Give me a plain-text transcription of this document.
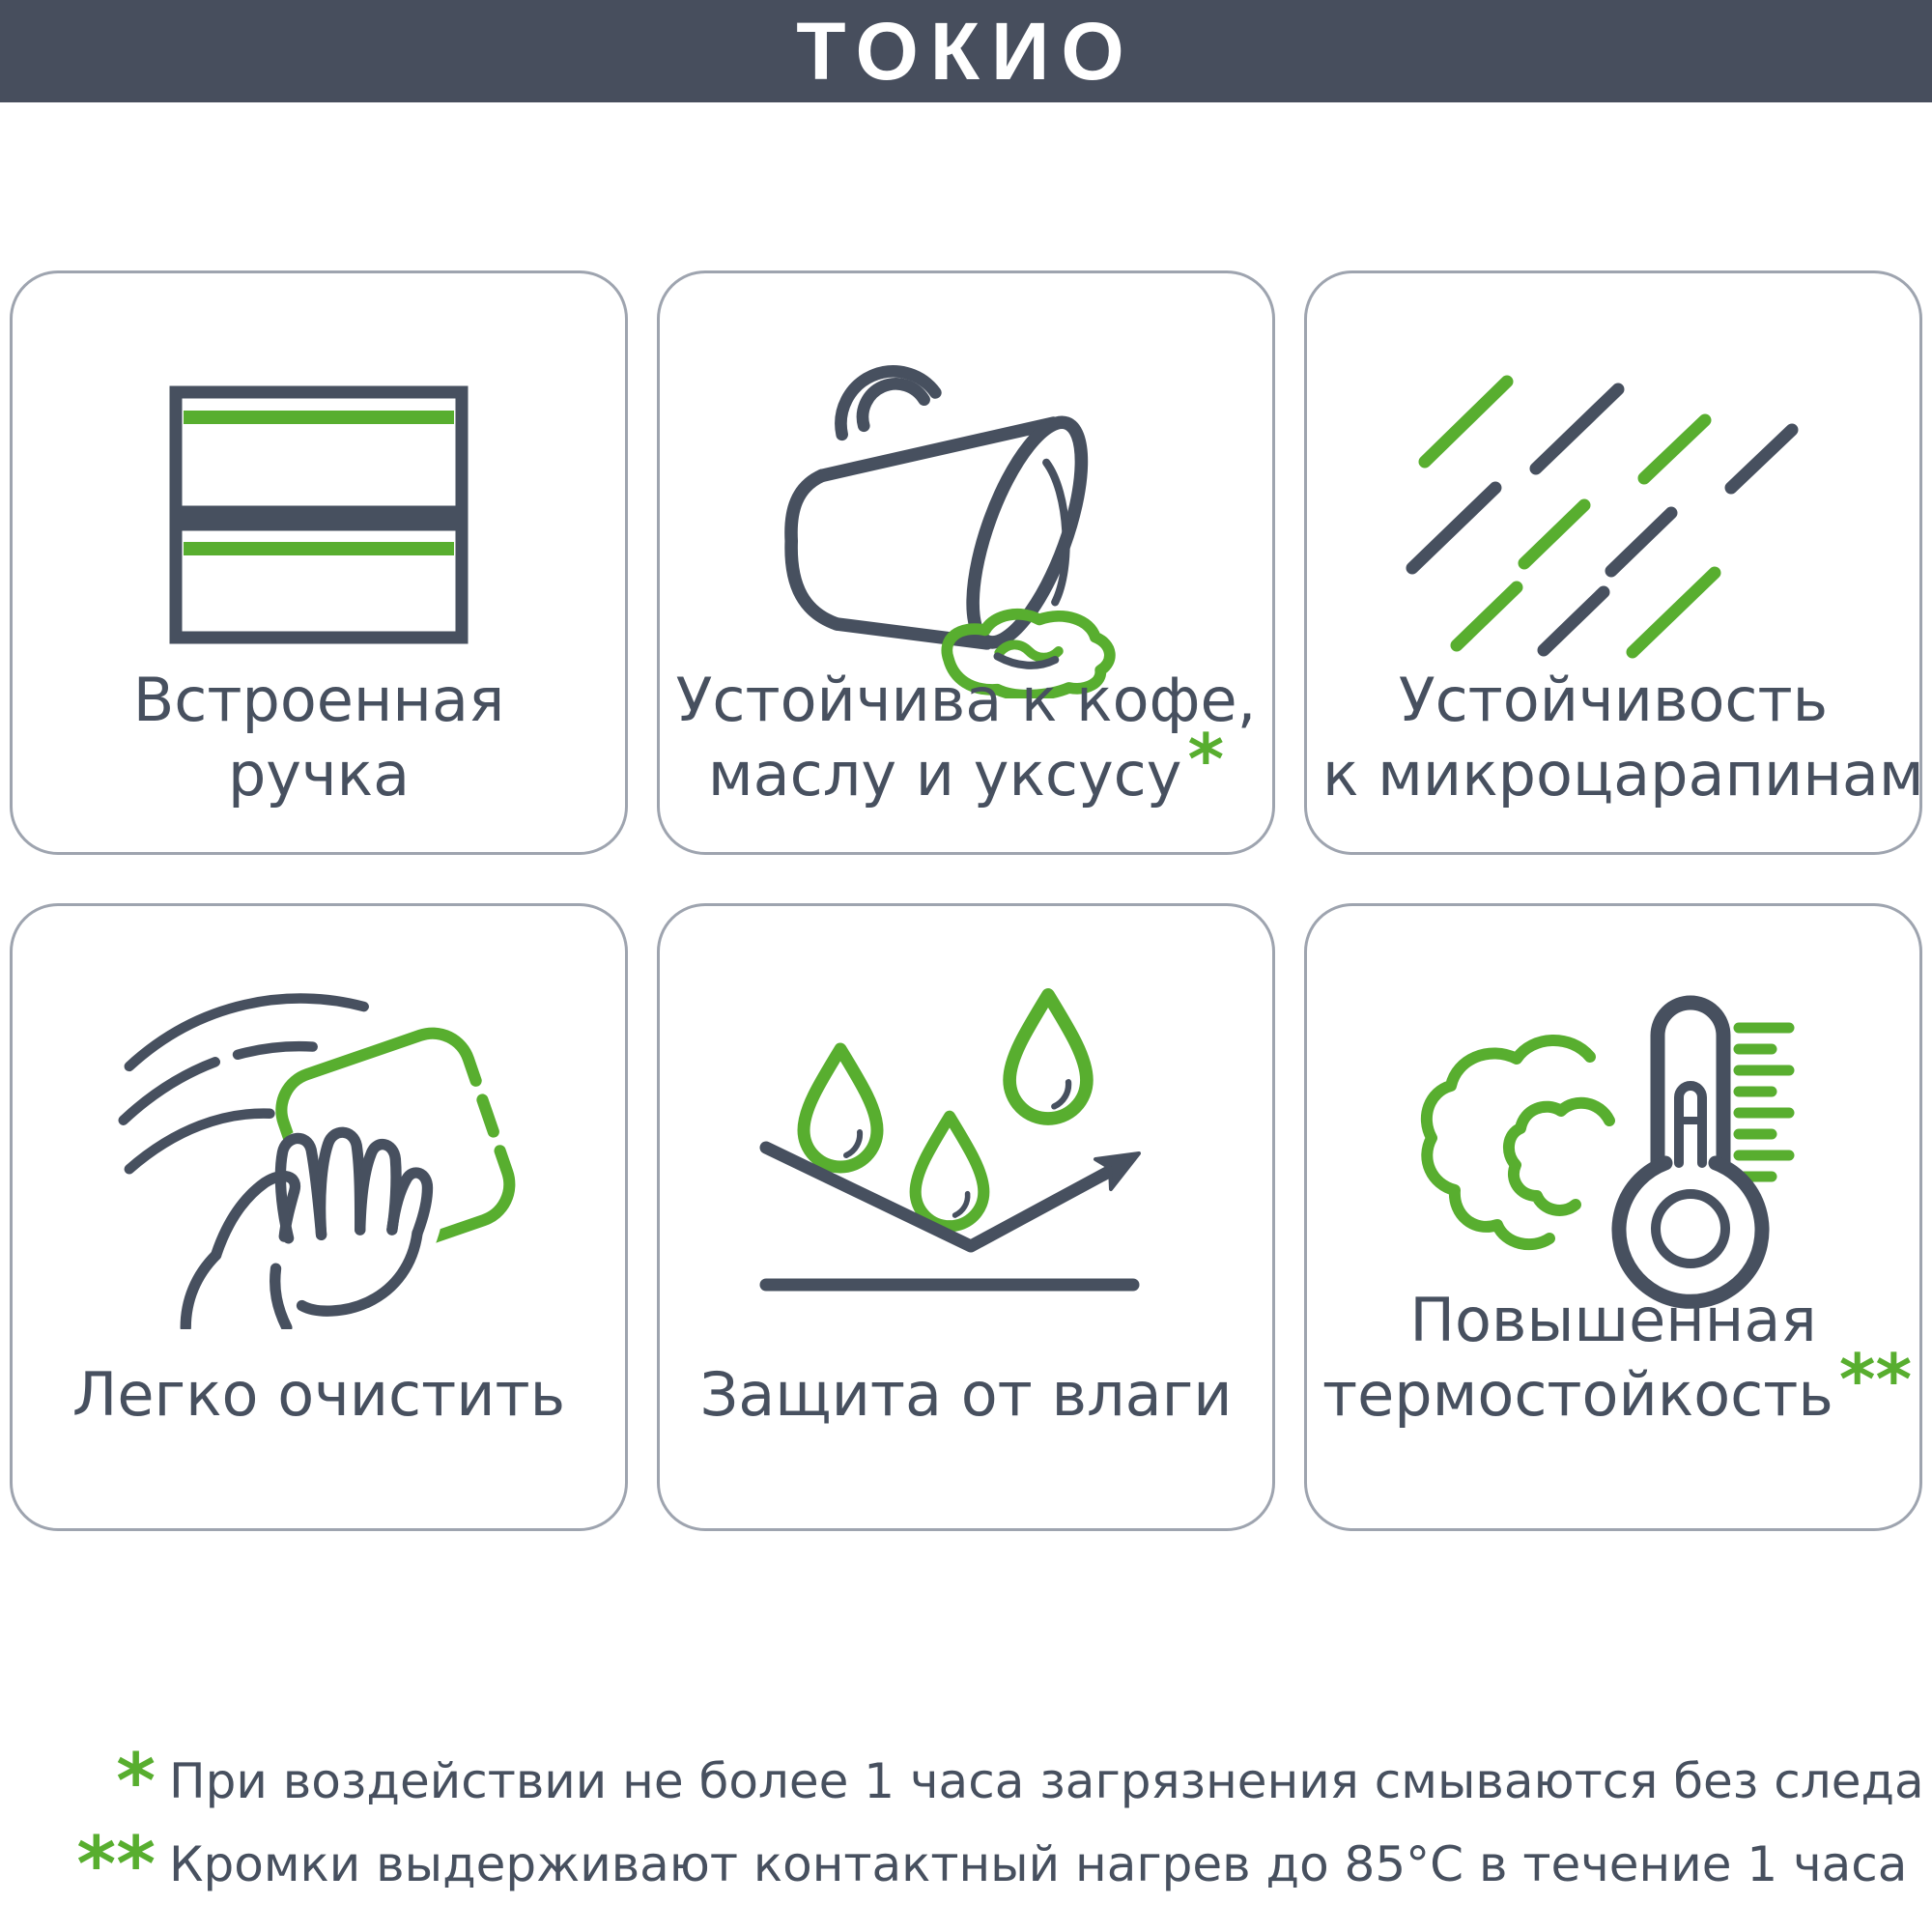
ТОКИО
Встроенная
ручка
Устойчива к кофе,
маслу и уксусу*
Устойчивость
к микроцарапинам
Легко очистить	Защита от влаги
Повышенная
термостойкость**
* При воздействии не более 1 часа загрязнения смываются без следа
** Кромки выдерживают контактный нагрев до 85°С в течение 1 часа
